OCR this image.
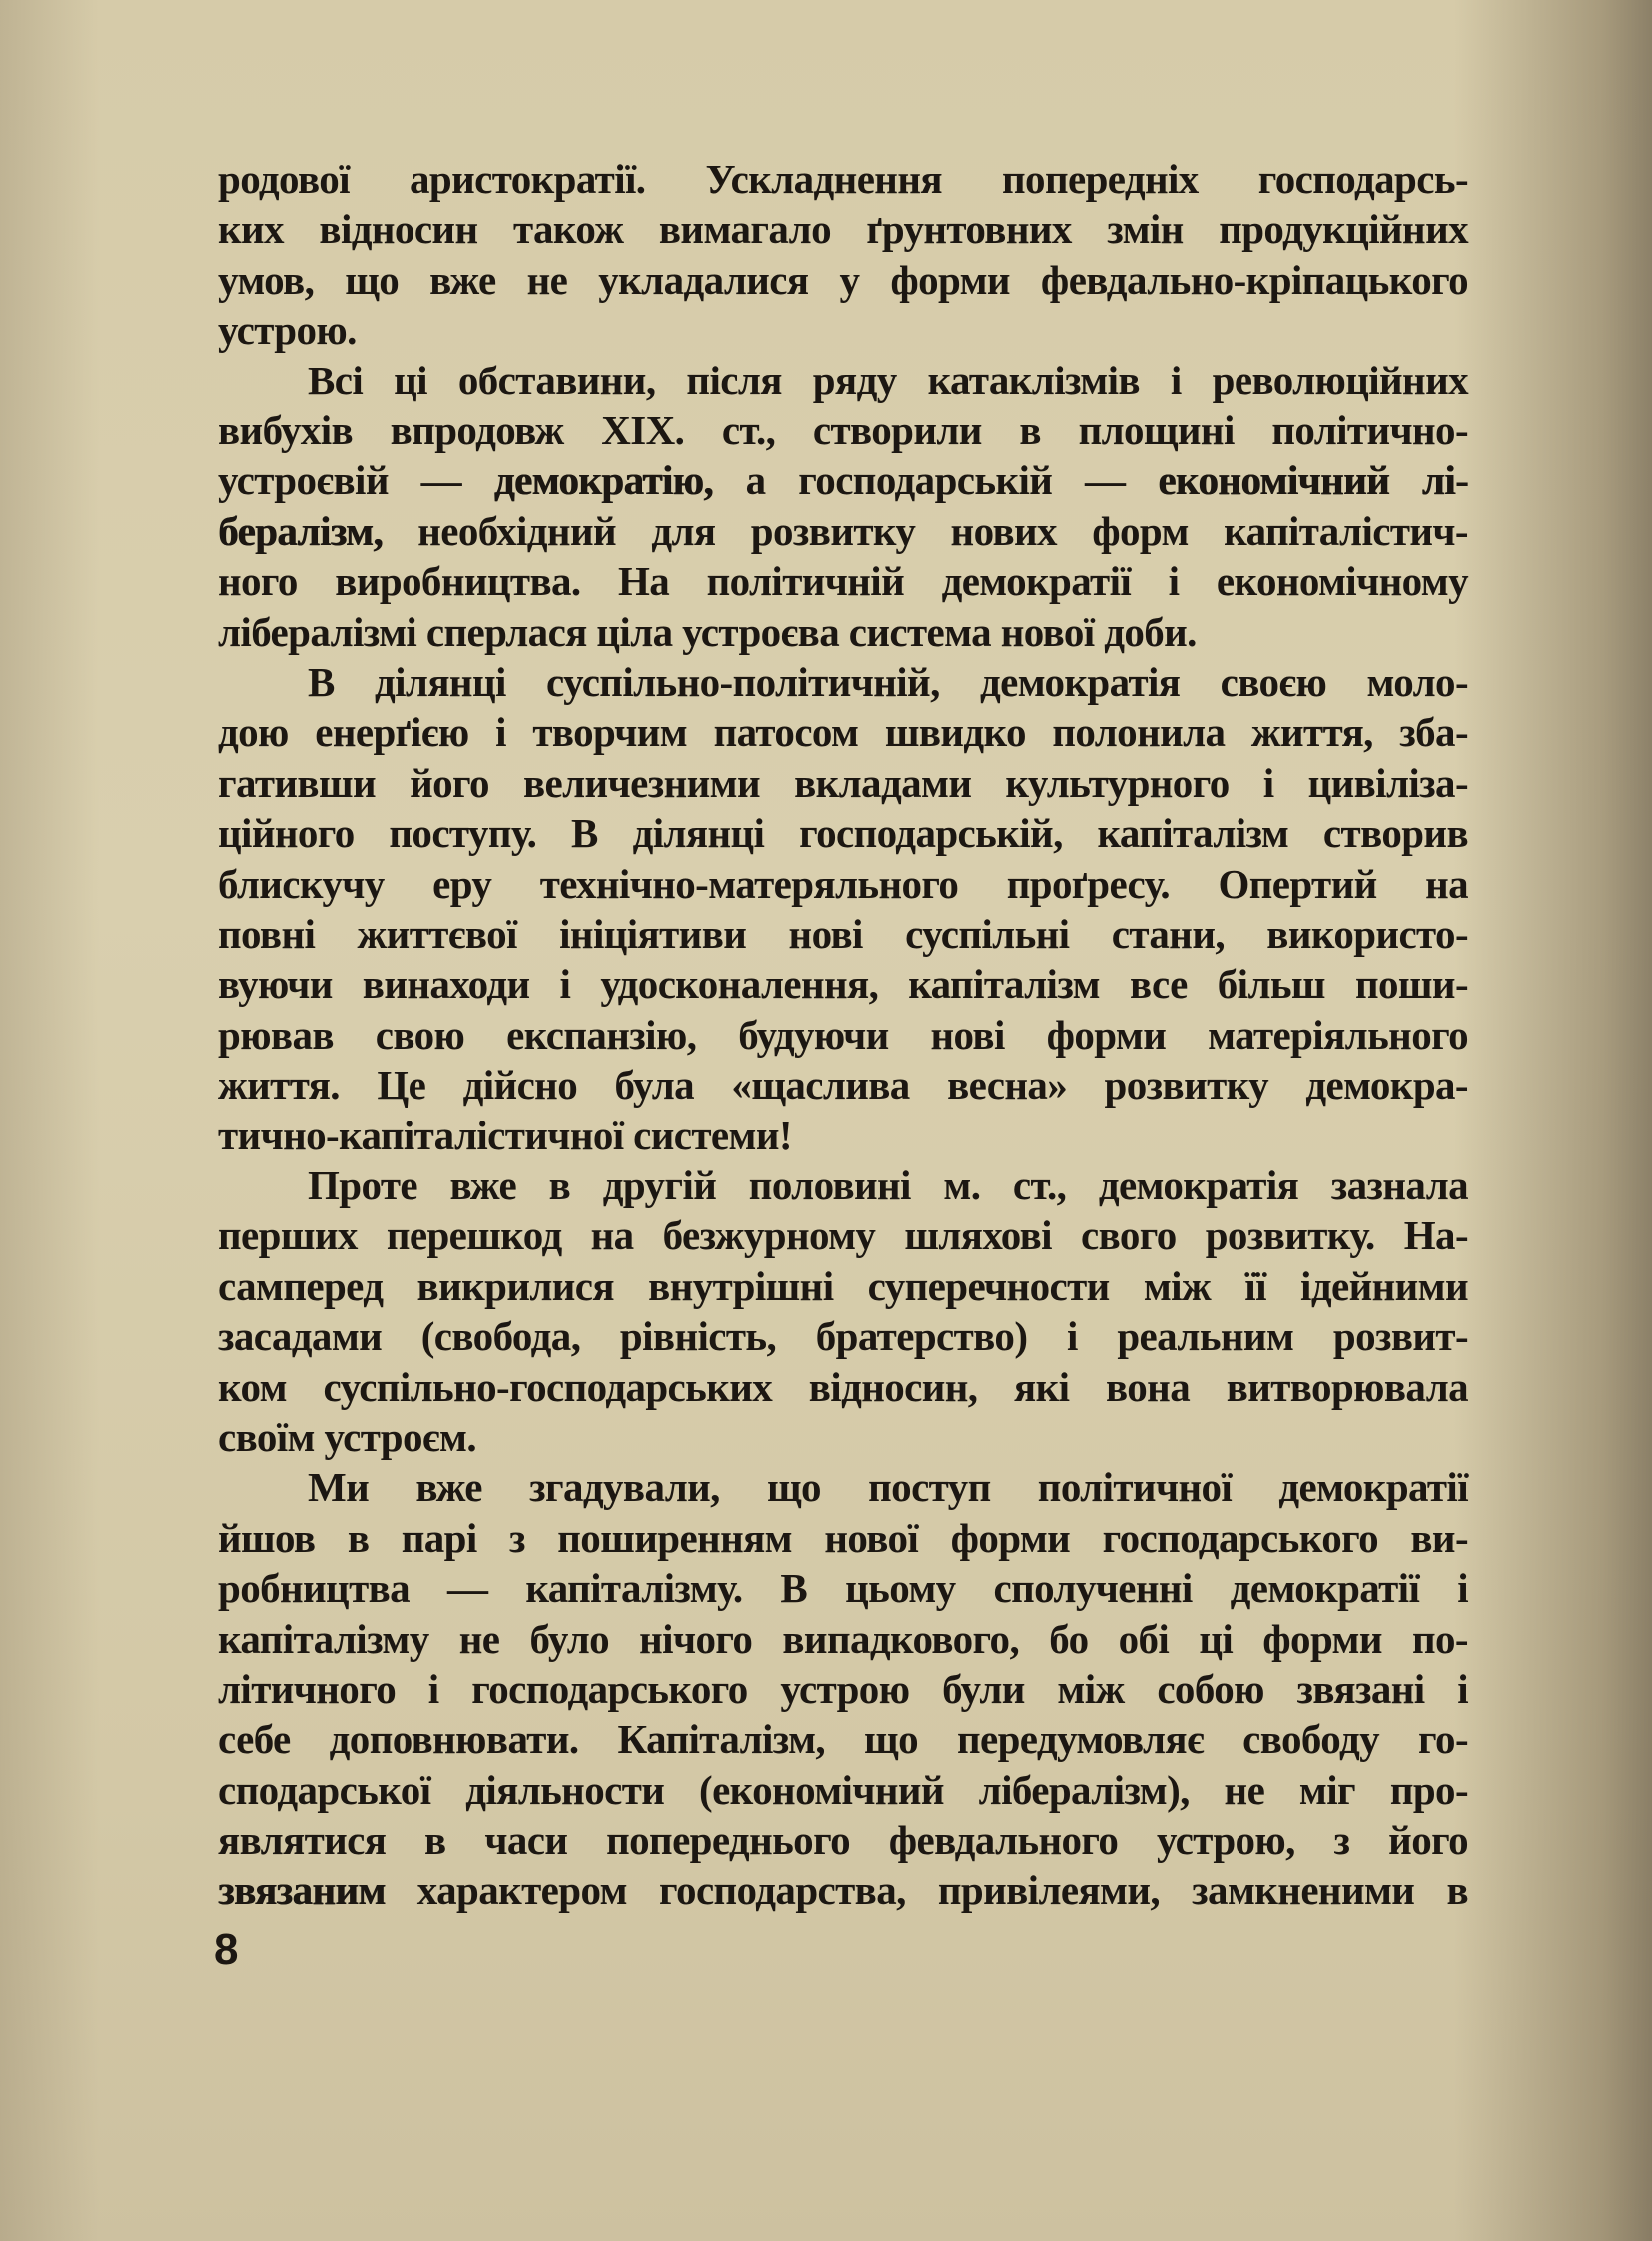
родової аристократії. Ускладнення попередніх господарсь-
ких відносин також вимагало ґрунтовних змін продукційних
умов, що вже не укладалися у форми февдально-кріпацького
устрою.
Всі ці обставини, після ряду катаклізмів і революційних
вибухів впродовж XIX. ст., створили в площині політично-
устроєвій — демократію, а господарській — економічний лі-
бералізм, необхідний для розвитку нових форм капіталістич-
ного виробництва. На політичній демократії і економічному
лібералізмі сперлася ціла устроєва система нової доби.
В ділянці суспільно-політичній, демократія своєю моло-
дою енерґією і творчим патосом швидко полонила життя, зба-
гативши його величезними вкладами культурного і цивіліза-
ційного поступу. В ділянці господарській, капіталізм створив
блискучу еру технічно-матеряльного проґресу. Опертий на
повні життєвої ініціятиви нові суспільні стани, використо-
вуючи винаходи і удосконалення, капіталізм все більш поши-
рював свою експанзію, будуючи нові форми матеріяльного
життя. Це дійсно була «щаслива весна» розвитку демокра-
тично-капіталістичної системи!
Проте вже в другій половині м. ст., демократія зазнала
перших перешкод на безжурному шляхові свого розвитку. На-
самперед викрилися внутрішні суперечности між її ідейними
засадами (свобода, рівність, братерство) і реальним розвит-
ком суспільно-господарських відносин, які вона витворювала
своїм устроєм.
Ми вже згадували, що поступ політичної демократії
йшов в парі з поширенням нової форми господарського ви-
робництва — капіталізму. В цьому сполученні демократії і
капіталізму не було нічого випадкового, бо обі ці форми по-
літичного і господарського устрою були між собою звязані і
себе доповнювати. Капіталізм, що передумовляє свободу го-
сподарської діяльности (економічний лібералізм), не міг про-
являтися в часи попереднього февдального устрою, з його
звязаним характером господарства, привілеями, замкненими в
8
